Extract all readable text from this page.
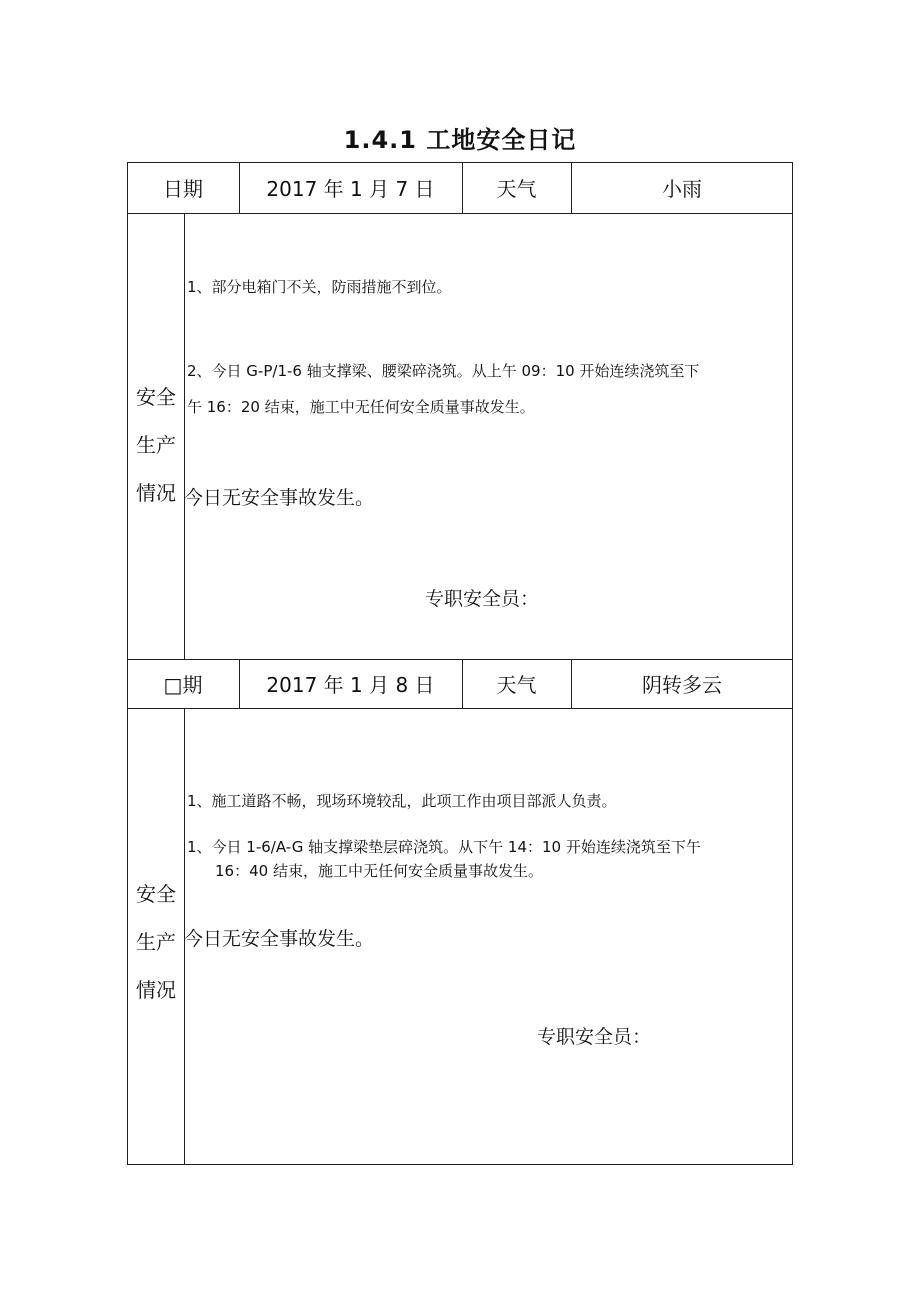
1.4.1 工地安全日记
日期	2017 年 1 月 7 日	天气	小雨
安全
生产
情况
1、部分电箱门不关，防雨措施不到位。
2、今日 G-P/1-6 轴支撑梁、腰梁碎浇筑。从上午 09：10 开始连续浇筑至下
午 16：20 结束，施工中无任何安全质量事故发生。
今日无安全事故发生。
专职安全员：
□期	2017 年 1 月 8 日	天气	阴转多云
安全
生产
情况
1、施工道路不畅，现场环境较乱，此项工作由项目部派人负责。
1、今日 1-6/A-G 轴支撑梁垫层碎浇筑。从下午 14：10 开始连续浇筑至下午
16：40 结束，施工中无任何安全质量事故发生。
今日无安全事故发生。
专职安全员：
